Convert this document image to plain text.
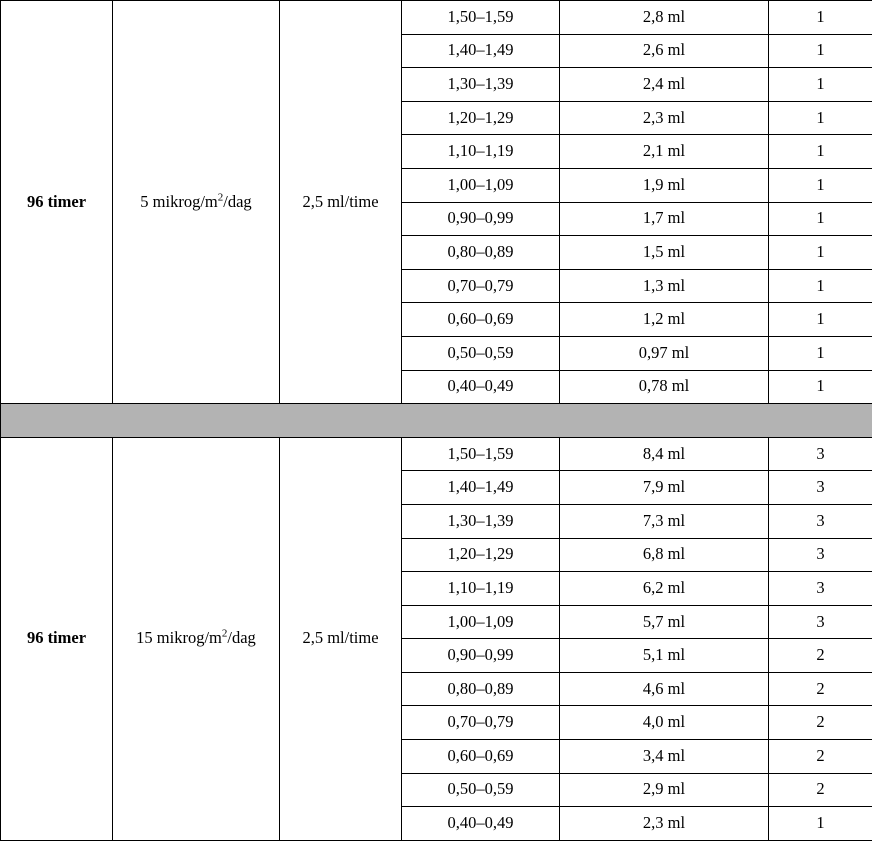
96 timer	5 mikrog/$m^2$/dag	2,5 ml/time	1,50–1,59	2,8 ml	1
			1,40–1,49	2,6 ml	1
			1,30–1,39	2,4 ml	1
			1,20–1,29	2,3 ml	1
			1,10–1,19	2,1 ml	1
			1,00–1,09	1,9 ml	1
			0,90–0,99	1,7 ml	1
			0,80–0,89	1,5 ml	1
			0,70–0,79	1,3 ml	1
			0,60–0,69	1,2 ml	1
			0,50–0,59	0,97 ml	1
			0,40–0,49	0,78 ml	1

96 timer	15 mikrog/$m^2$/dag	2,5 ml/time	1,50–1,59	8,4 ml	3
			1,40–1,49	7,9 ml	3
			1,30–1,39	7,3 ml	3
			1,20–1,29	6,8 ml	3
			1,10–1,19	6,2 ml	3
			1,00–1,09	5,7 ml	3
			0,90–0,99	5,1 ml	2
			0,80–0,89	4,6 ml	2
			0,70–0,79	4,0 ml	2
			0,60–0,69	3,4 ml	2
			0,50–0,59	2,9 ml	2
			0,40–0,49	2,3 ml	1
